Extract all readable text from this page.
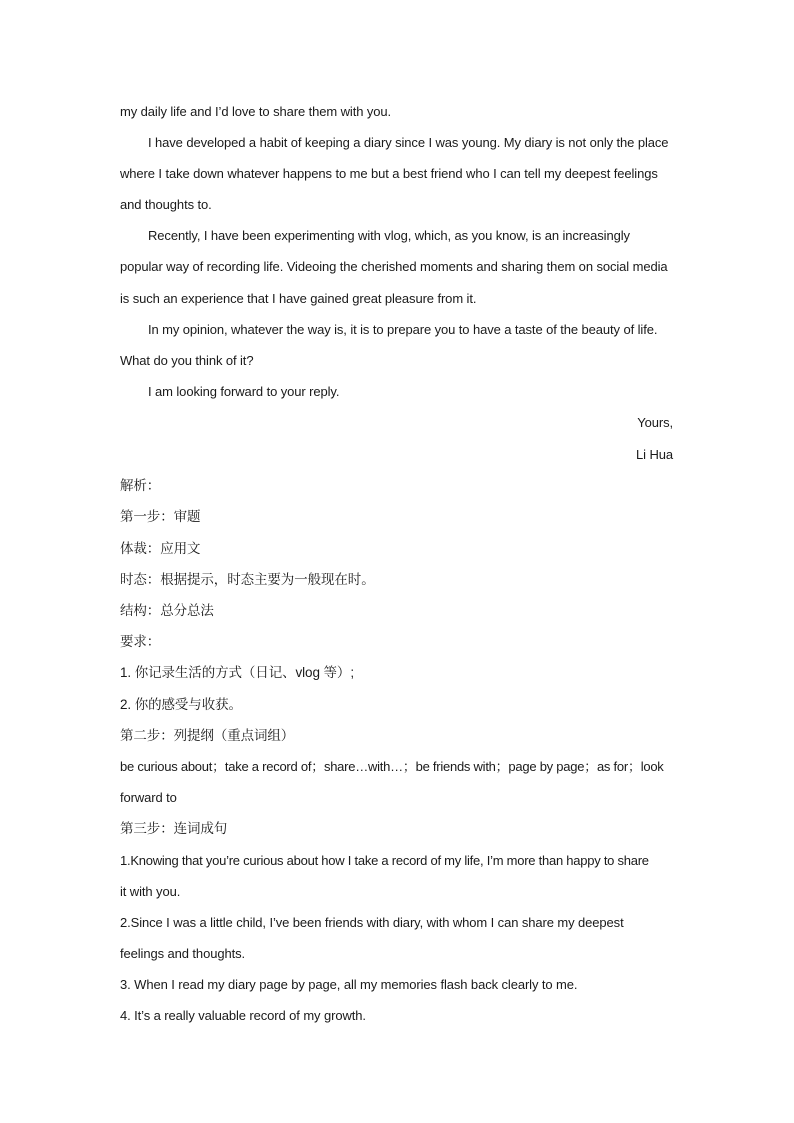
my daily life and I’d love to share them with you.
I have developed a habit of keeping a diary since I was young. My diary is not only the place
where I take down whatever happens to me but a best friend who I can tell my deepest feelings
and thoughts to.
Recently, I have been experimenting with vlog, which, as you know, is an increasingly
popular way of recording life. Videoing the cherished moments and sharing them on social media
is such an experience that I have gained great pleasure from it.
In my opinion, whatever the way is, it is to prepare you to have a taste of the beauty of life.
What do you think of it?
I am looking forward to your reply.
Yours,
Li Hua
解析：
第一步：审题
体裁：应用文
时态：根据提示，时态主要为一般现在时。
结构：总分总法
要求：
1. 你记录生活的方式（日记、vlog 等）;
2. 你的感受与收获。
第二步：列提纲（重点词组）
be curious about；take a record of；share…with…；be friends with；page by page；as for；look
forward to
第三步：连词成句
1.Knowing that you’re curious about how I take a record of my life, I’m more than happy to share
it with you.
2.Since I was a little child, I’ve been friends with diary, with whom I can share my deepest
feelings and thoughts.
3. When I read my diary page by page, all my memories flash back clearly to me.
4. It’s a really valuable record of my growth.
